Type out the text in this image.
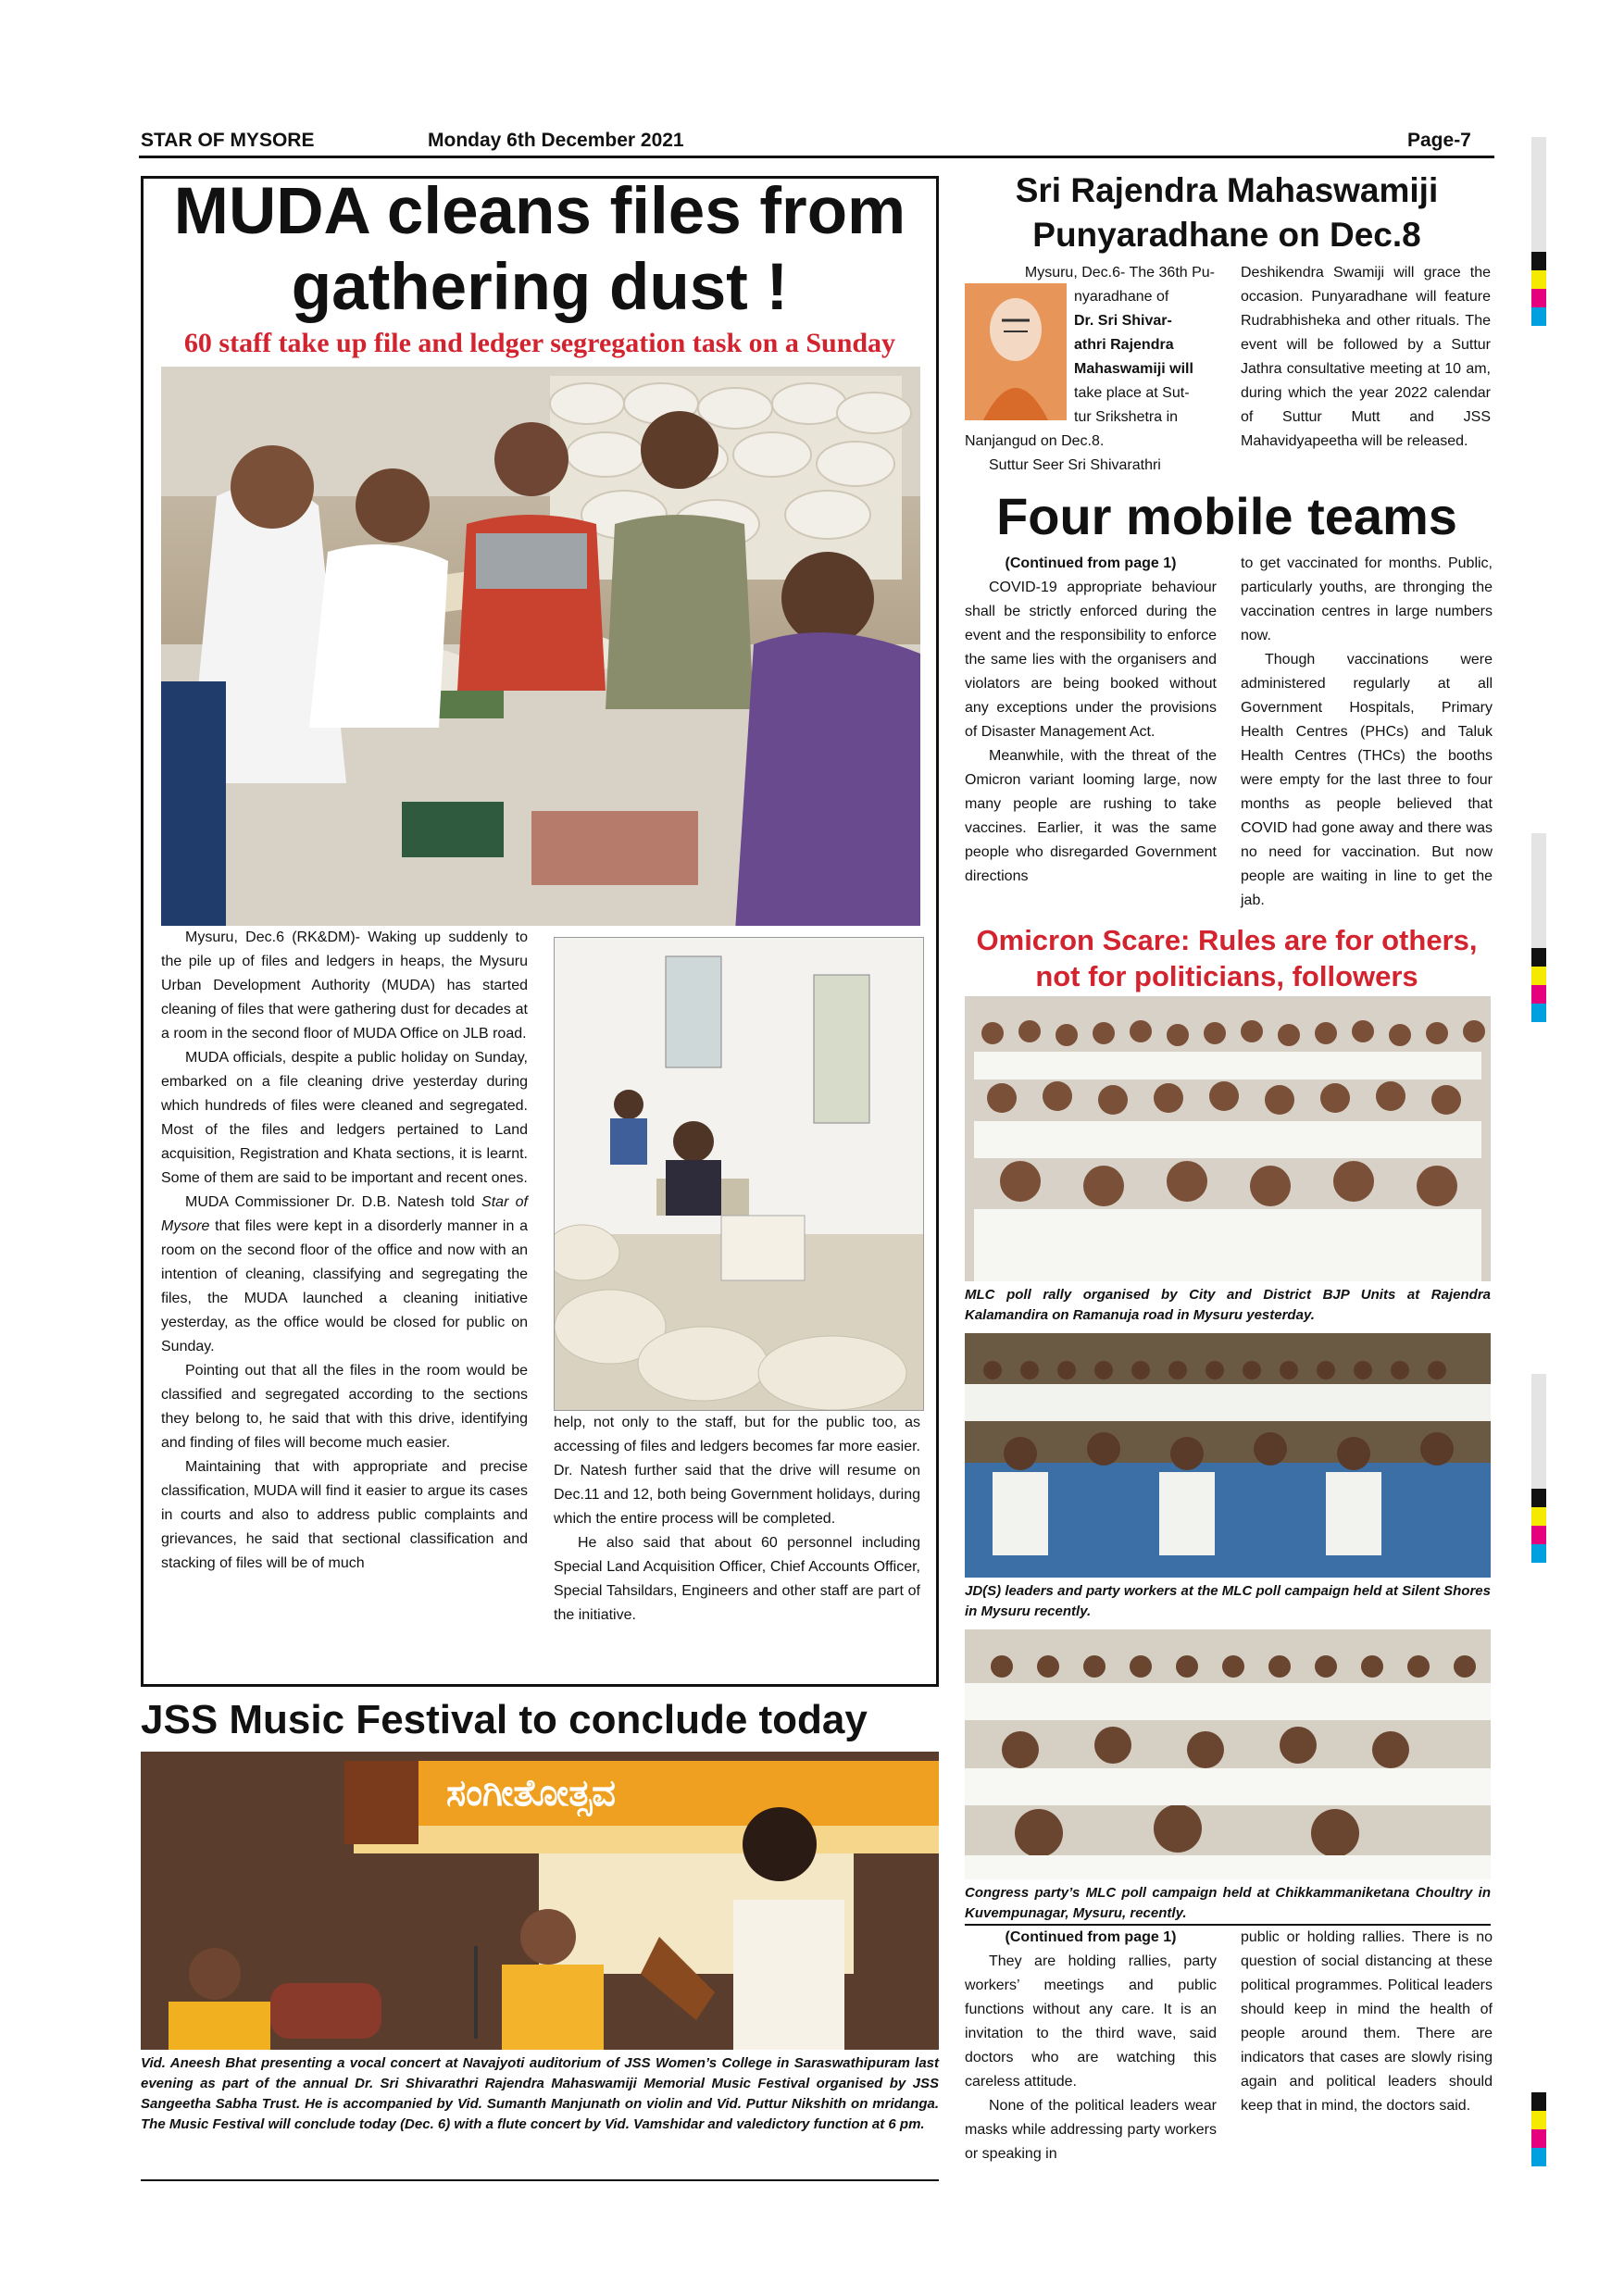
STAR OF MYSORE	Monday 6th December 2021	Page-7
MUDA cleans files from
gathering dust !
60 staff take up file and ledger segregation task on a Sunday

Mysuru, Dec.6 (RK&DM)- Waking up suddenly to the pile up of files and ledgers in heaps, the Mysuru Urban Development Authority (MUDA) has started cleaning of files that were gathering dust for decades at a room in the second floor of MUDA Office on JLB road.

MUDA officials, despite a public holiday on Sunday, embarked on a file cleaning drive yesterday during which hundreds of files were cleaned and segregated. Most of the files and ledgers pertained to Land acquisition, Registration and Khata sections, it is learnt. Some of them are said to be important and recent ones.

MUDA Commissioner Dr. D.B. Natesh told Star of Mysore that files were kept in a disorderly manner in a room on the second floor of the office and now with an intention of cleaning, classifying and segregating the files, the MUDA launched a cleaning initiative yesterday, as the office would be closed for public on Sunday.

Pointing out that all the files in the room would be classified and segregated according to the sections they belong to, he said that with this drive, identifying and finding of files will become much easier.

Maintaining that with appropriate and precise classification, MUDA will find it easier to argue its cases in courts and also to address public complaints and grievances, he said that sectional classification and stacking of files will be of much

help, not only to the staff, but for the public too, as accessing of files and ledgers becomes far more easier. Dr. Natesh further said that the drive will resume on Dec.11 and 12, both being Government holidays, during which the entire process will be completed.

He also said that about 60 personnel including Special Land Acquisition Officer, Chief Accounts Officer, Special Tahsildars, Engineers and other staff are part of the initiative.

JSS Music Festival to conclude today
ಸಂಗೀತೋತ್ಸವ
Vid. Aneesh Bhat presenting a vocal concert at Navajyoti auditorium of JSS Women’s College in Saraswathipuram last evening as part of the annual Dr. Sri Shivarathri Rajendra Mahaswamiji Memorial Music Festival organised by JSS Sangeetha Sabha Trust. He is accompanied by Vid. Sumanth Manjunath on violin and Vid. Puttur Nikshith on mridanga. The Music Festival will conclude today (Dec. 6) with a flute concert by Vid. Vamshidar and valedictory function at 6 pm.
Sri Rajendra Mahaswamiji
Punyaradhane on Dec.8
Mysuru, Dec.6- The 36th Pu-
nyaradhane of
Dr. Sri Shivar-
athri Rajendra
Mahaswamiji will
take place at Sut-
tur Srikshetra in

Nanjangud on Dec.8.

Suttur Seer Sri Shivarathri

Deshikendra Swamiji will grace the occasion. Punyaradhane will feature Rudrabhisheka and other rituals. The event will be followed by a Suttur Jathra consultative meeting at 10 am, during which the year 2022 calendar of Suttur Mutt and JSS Mahavidyapeetha will be released.

Four mobile teams
(Continued from page 1)

COVID-19 appropriate behaviour shall be strictly enforced during the event and the responsibility to enforce the same lies with the organisers and violators are being booked without any exceptions under the provisions of Disaster Management Act.

Meanwhile, with the threat of the Omicron variant looming large, now many people are rushing to take vaccines. Earlier, it was the same people who disregarded Government directions

to get vaccinated for months. Public, particularly youths, are thronging the vaccination centres in large numbers now.

Though vaccinations were administered regularly at all Government Hospitals, Primary Health Centres (PHCs) and Taluk Health Centres (THCs) the booths were empty for the last three to four months as people believed that COVID had gone away and there was no need for vaccination. But now people are waiting in line to get the jab.

Omicron Scare: Rules are for others,
not for politicians, followers
MLC poll rally organised by City and District BJP Units at Rajendra Kalamandira on Ramanuja road in Mysuru yesterday.
JD(S) leaders and party workers at the MLC poll campaign held at Silent Shores in Mysuru recently.
Congress party’s MLC poll campaign held at Chikkammaniketana Choultry in Kuvempunagar, Mysuru, recently.
(Continued from page 1)

They are holding rallies, party workers’ meetings and public functions without any care. It is an invitation to the third wave, said doctors who are watching this careless attitude.

None of the political leaders wear masks while addressing party workers or speaking in

public or holding rallies. There is no question of social distancing at these political programmes. Political leaders should keep in mind the health of people around them. There are indicators that cases are slowly rising again and political leaders should keep that in mind, the doctors said.
